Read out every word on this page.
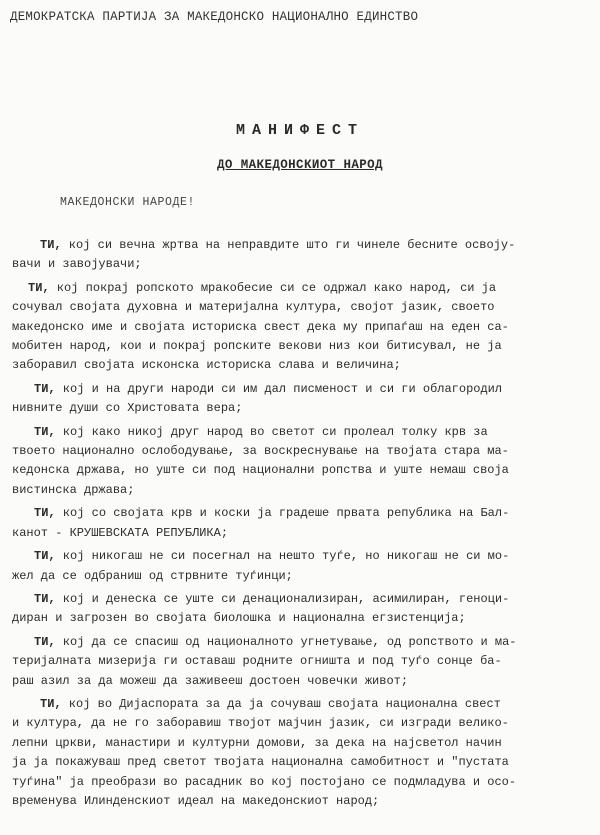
ДЕМОКРАТСКА ПАРТИЈА ЗА МАКЕДОНСКО НАЦИОНАЛНО ЕДИНСТВО
МАНИФЕСТ
ДО МАКЕДОНСКИОТ НАРОД
МАКЕДОНСКИ НАРОДЕ!
ТИ, кој си вечна жртва на неправдите што ги чинеле бесните освоју-
вачи и завојувачи;
ТИ, кој покрај ропското мракобесие си се одржал како народ, си ја
сочувал својата духовна и материјална култура, својот јазик, своето
македонско име и својата историска свест дека му припаѓаш на еден са-
мобитен народ, кои и покрај ропските векови низ кои битисувал, не ја
заборавил својата исконска историска слава и величина;
ТИ, кој и на други народи си им дал писменост и си ги облагородил
нивните души со Христовата вера;
ТИ, кој како никој друг народ во светот си пролеал толку крв за
твоето национално ослободување, за воскреснување на твојата стара ма-
кедонска држава, но уште си под национални ропства и уште немаш своја
вистинска држава;
ТИ, кој со својата крв и коски ја градеше првата република на Бал-
канот - КРУШЕВСКАТА РЕПУБЛИКА;
ТИ, кој никогаш не си посегнал на нешто туѓе, но никогаш не си мо-
жел да се одбраниш од стрвните туѓинци;
ТИ, кој и денеска се уште си денационализиран, асимилиран, геноци-
диран и загрозен во својата биолошка и национална егзистенција;
ТИ, кој да се спасиш од националното угнетување, од ропството и ма-
теријалната мизерија ги оставаш родните огништа и под туѓо сонце ба-
раш азил за да можеш да заживееш достоен човечки живот;
ТИ, кој во Дијаспората за да ја сочуваш својата национална свест
и култура, да не го заборавиш твојот мајчин јазик, си изгради велико-
лепни цркви, манастири и културни домови, за дека на најсветол начин
ја ја покажуваш пред светот твојата национална самобитност и "пустата
туѓина" ја преобрази во расадник во кој постојано се подмладува и осо-
временува Илинденскиот идеал на македонскиот народ;
